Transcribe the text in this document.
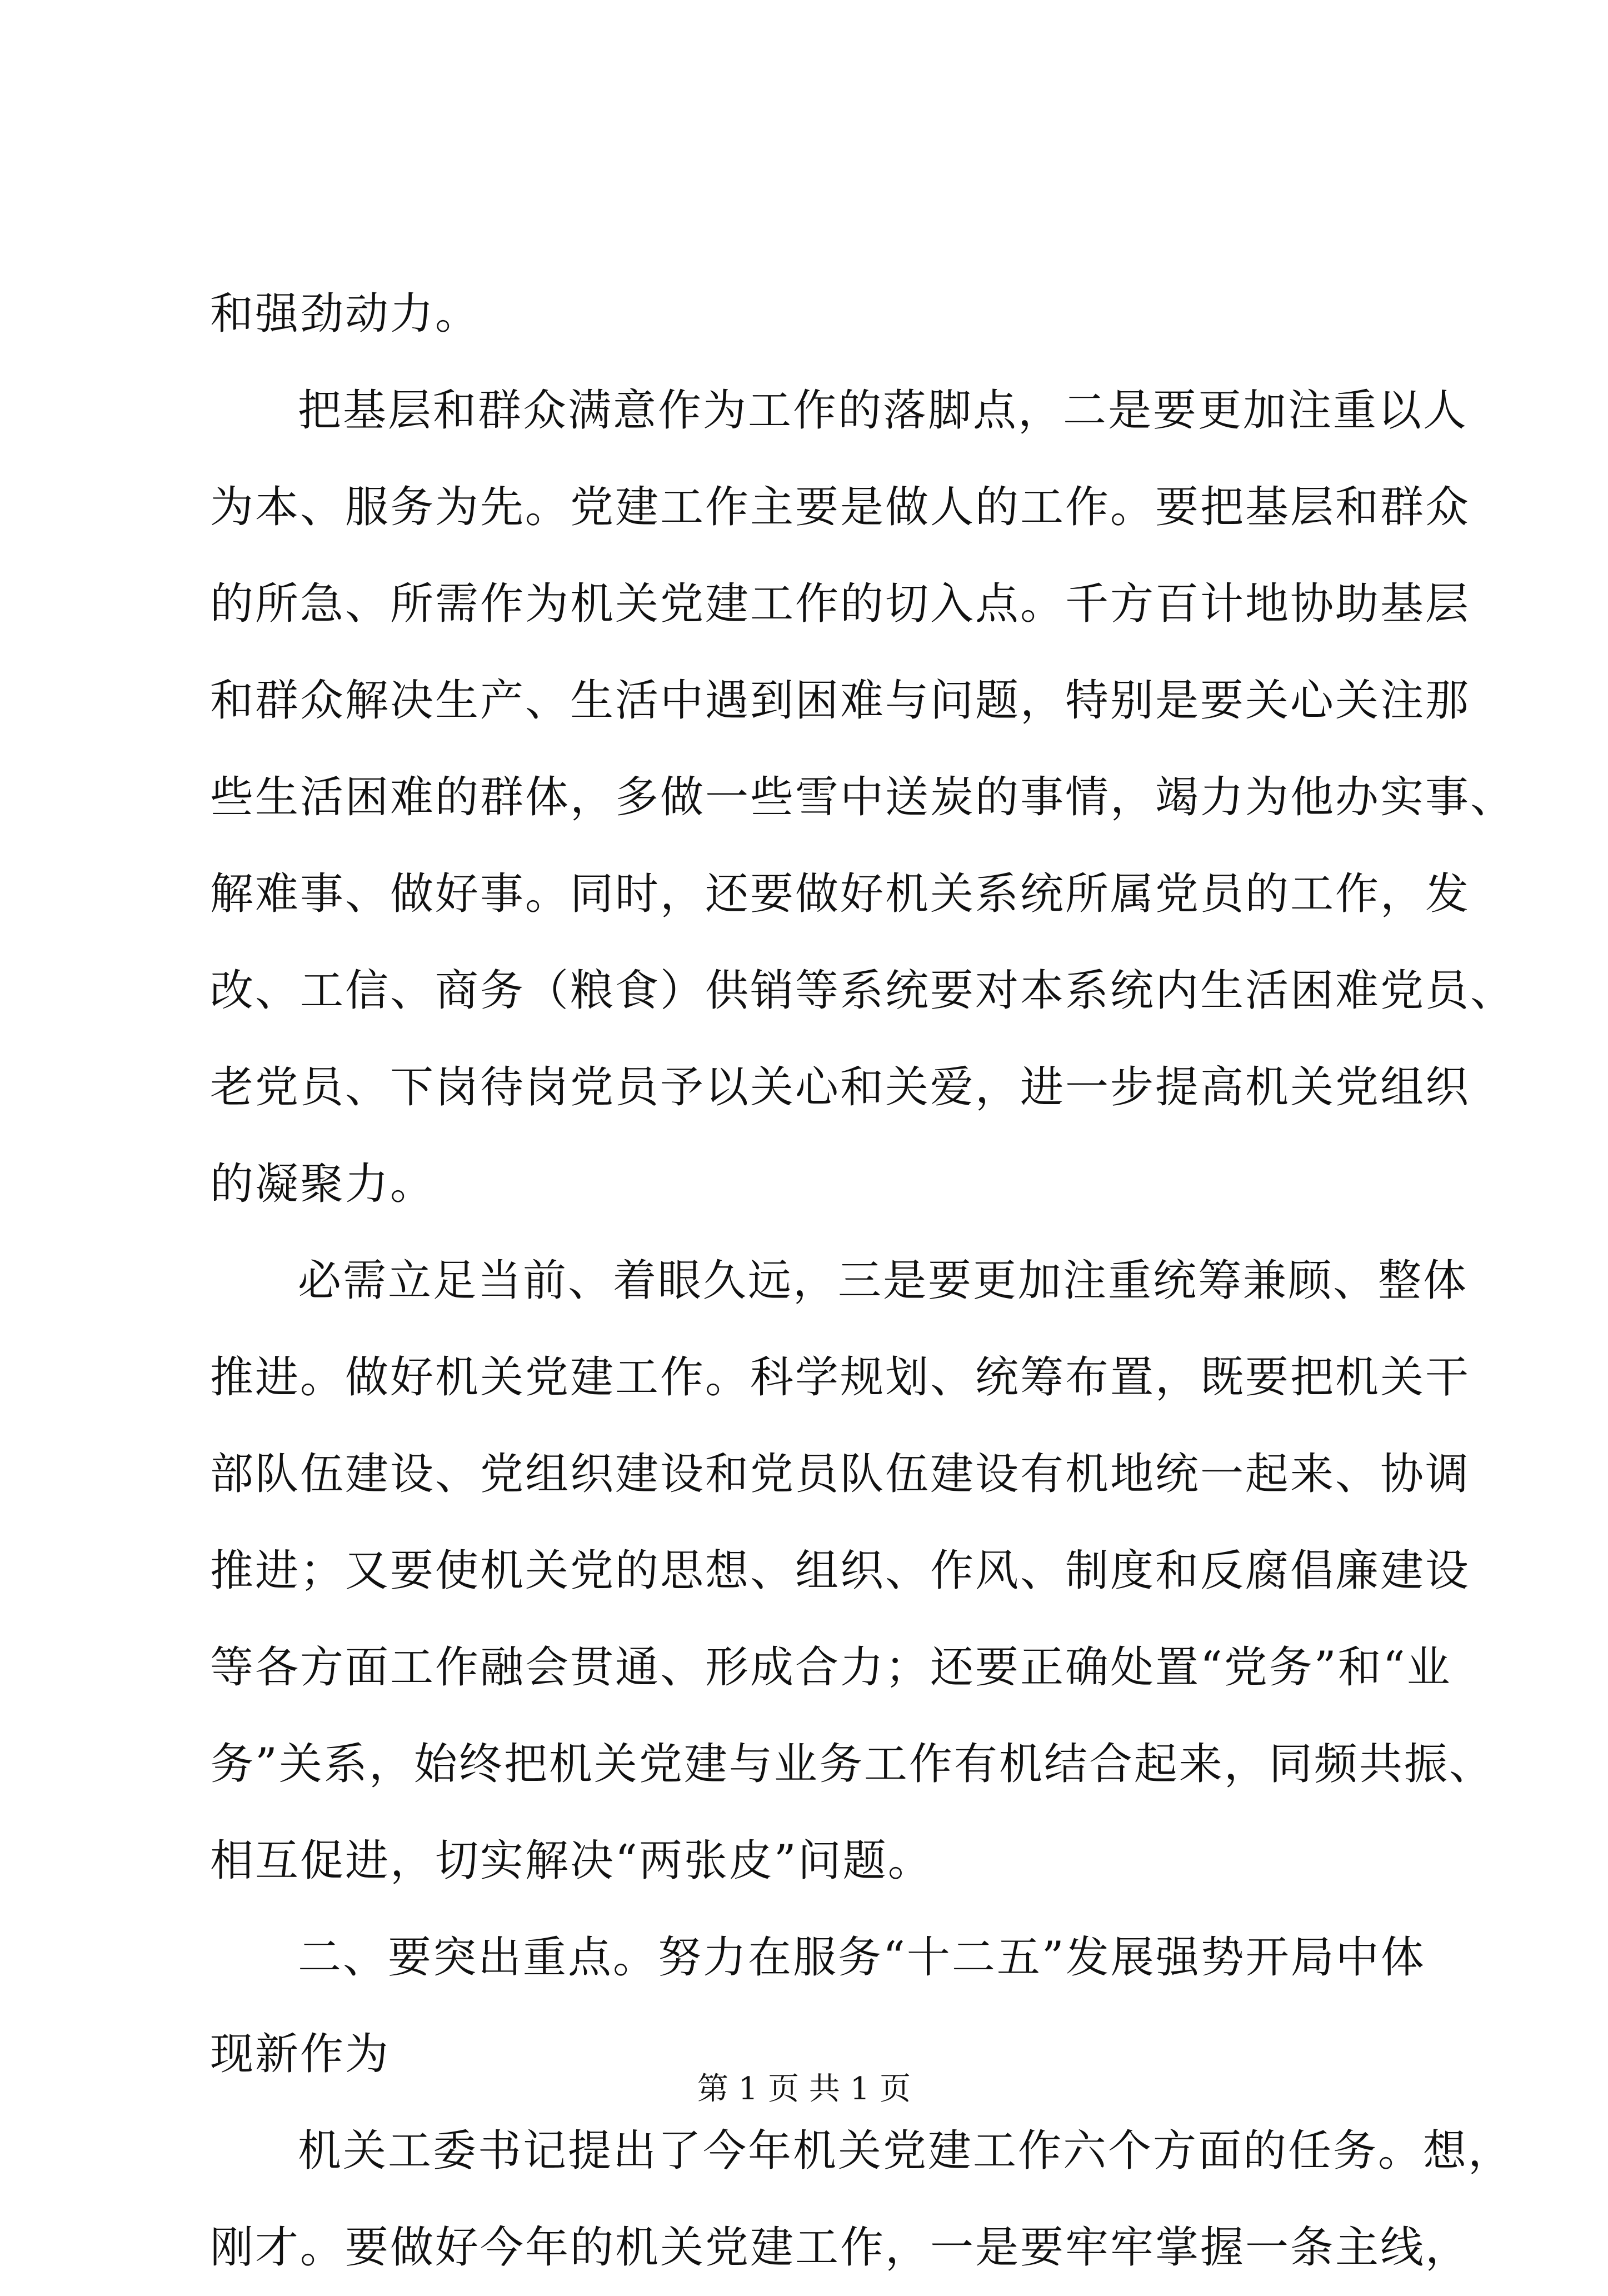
和强劲动力。
把基层和群众满意作为工作的落脚点，二是要更加注重以人
为本、服务为先。党建工作主要是做人的工作。要把基层和群众
的所急、所需作为机关党建工作的切入点。千方百计地协助基层
和群众解决生产、生活中遇到困难与问题，特别是要关心关注那
些生活困难的群体，多做一些雪中送炭的事情，竭力为他办实事、
解难事、做好事。同时，还要做好机关系统所属党员的工作，发
改、工信、商务（粮食）供销等系统要对本系统内生活困难党员、
老党员、下岗待岗党员予以关心和关爱，进一步提高机关党组织
的凝聚力。
必需立足当前、着眼久远，三是要更加注重统筹兼顾、整体
推进。做好机关党建工作。科学规划、统筹布置，既要把机关干
部队伍建设、党组织建设和党员队伍建设有机地统一起来、协调
推进；又要使机关党的思想、组织、作风、制度和反腐倡廉建设
等各方面工作融会贯通、形成合力；还要正确处置“党务”和“业
务”关系，始终把机关党建与业务工作有机结合起来，同频共振、
相互促进，切实解决“两张皮”问题。
二、要突出重点。努力在服务“十二五”发展强势开局中体
现新作为
机关工委书记提出了今年机关党建工作六个方面的任务。想，
刚才。要做好今年的机关党建工作，一是要牢牢掌握一条主线，
第 1 页 共 1 页
